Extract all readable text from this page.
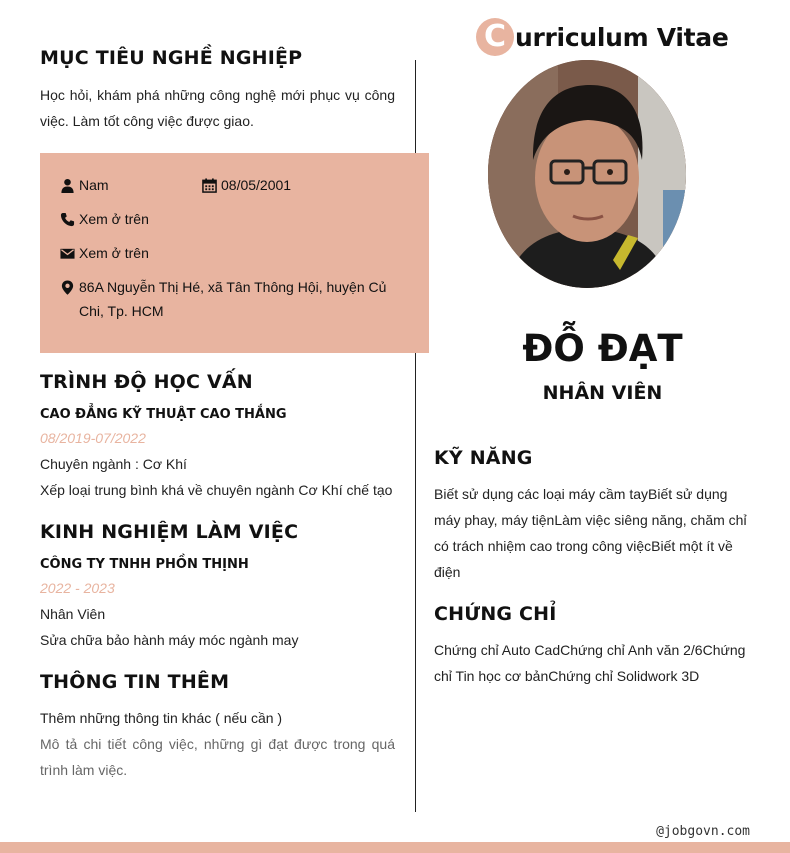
MỤC TIÊU NGHỀ NGHIỆP
Học hỏi, khám phá những công nghệ mới phục vụ công việc. Làm tốt công việc được giao.
Nam	08/05/2001
Xem ở trên
Xem ở trên
86A Nguyễn Thị Hé, xã Tân Thông Hội, huyện Củ Chi, Tp. HCM
TRÌNH ĐỘ HỌC VẤN
CAO ĐẲNG KỸ THUẬT CAO THẮNG
08/2019-07/2022
Chuyên ngành : Cơ Khí
Xếp loại trung bình khá về chuyên ngành Cơ Khí chế tạo
KINH NGHIỆM LÀM VIỆC
CÔNG TY TNHH PHỒN THỊNH
2022 - 2023
Nhân Viên
Sửa chữa bảo hành máy móc ngành may
THÔNG TIN THÊM
Thêm những thông tin khác ( nếu cần )
Mô tả chi tiết công việc, những gì đạt được trong quá trình làm việc.
C urriculum Vitae
ĐỖ ĐẠT
NHÂN VIÊN
KỸ NĂNG
Biết sử dụng các loại máy cầm tayBiết sử dụng máy phay, máy tiệnLàm việc siêng năng, chăm chỉ có trách nhiệm cao trong công việcBiết một ít về điện
CHỨNG CHỈ
Chứng chỉ Auto CadChứng chỉ Anh văn 2/6Chứng chỉ Tin học cơ bảnChứng chỉ Solidwork 3D
@jobgovn.com
